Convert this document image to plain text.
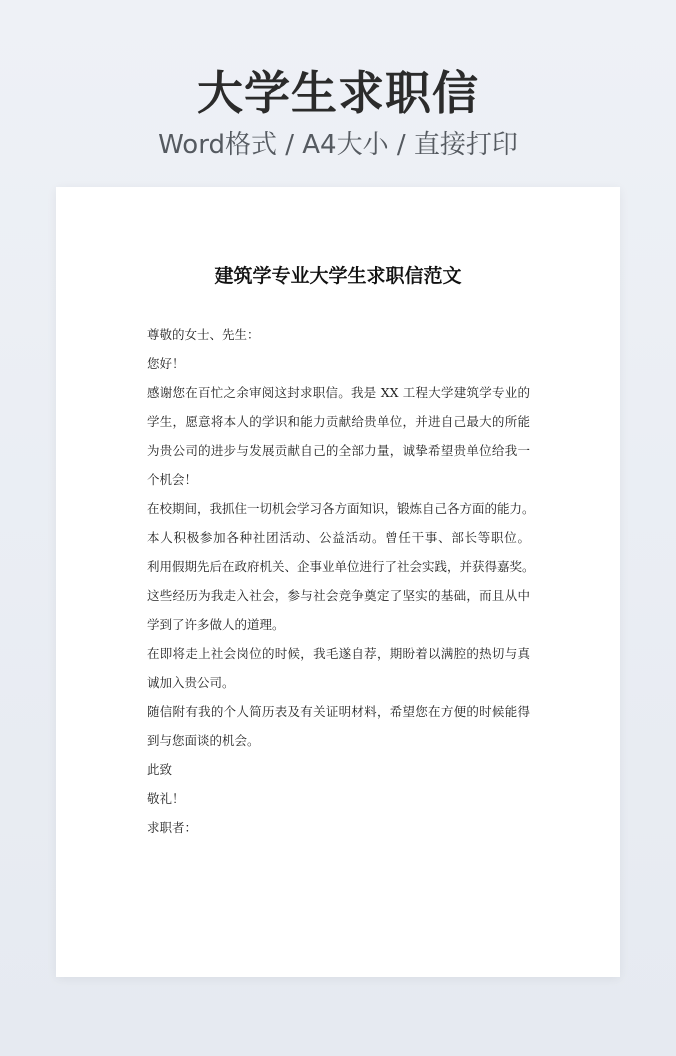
大学生求职信
Word格式 / A4大小 / 直接打印
建筑学专业大学生求职信范文
尊敬的女士、先生：
您好！
感谢您在百忙之余审阅这封求职信。我是 XX 工程大学建筑学专业的
学生，愿意将本人的学识和能力贡献给贵单位，并进自己最大的所能
为贵公司的进步与发展贡献自己的全部力量，诚挚希望贵单位给我一
个机会！
在校期间，我抓住一切机会学习各方面知识，锻炼自己各方面的能力。
本人积极参加各种社团活动、公益活动。曾任干事、部长等职位。
利用假期先后在政府机关、企事业单位进行了社会实践，并获得嘉奖。
这些经历为我走入社会，参与社会竞争奠定了坚实的基础，而且从中
学到了许多做人的道理。
在即将走上社会岗位的时候，我毛遂自荐，期盼着以满腔的热切与真
诚加入贵公司。
随信附有我的个人简历表及有关证明材料，希望您在方便的时候能得
到与您面谈的机会。
此致
敬礼！
求职者：
